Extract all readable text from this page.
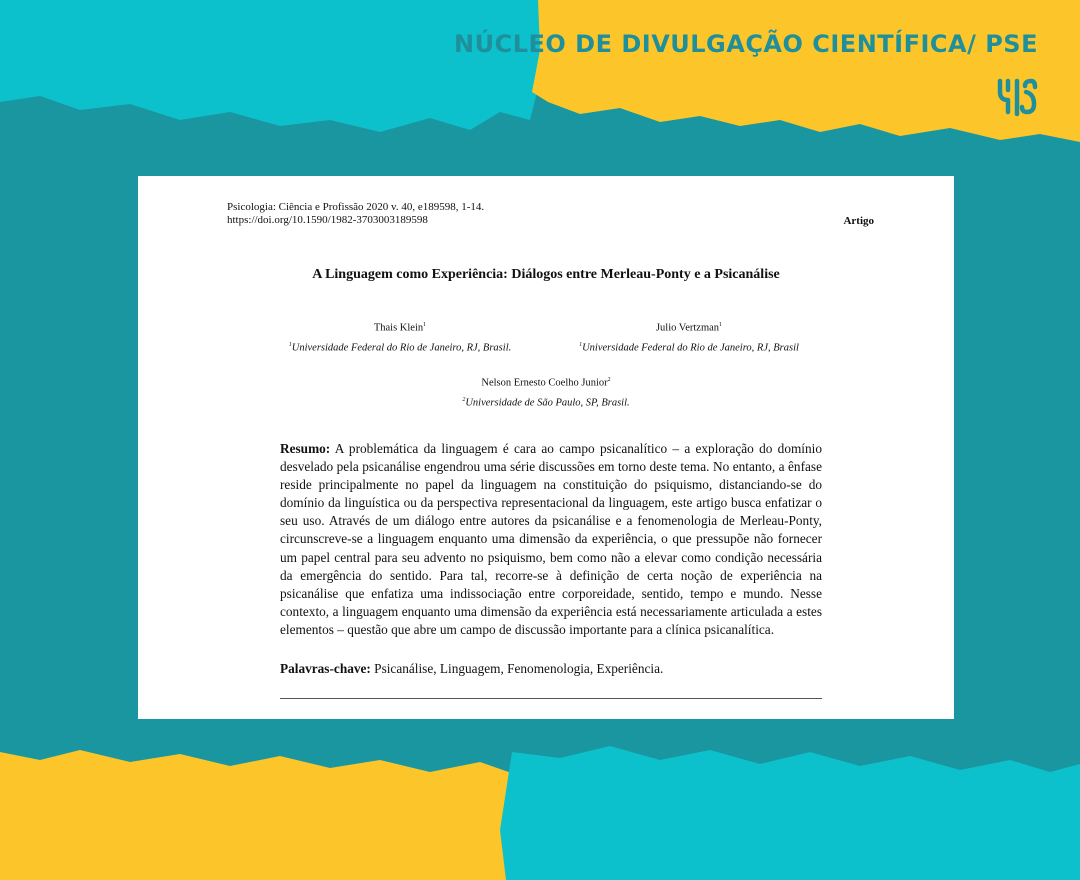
NÚCLEO DE DIVULGAÇÃO CIENTÍFICA/ PSE
Psicologia: Ciência e Profissão 2020 v. 40, e189598, 1-14.
https://doi.org/10.1590/1982-3703003189598	Artigo
A Linguagem como Experiência: Diálogos entre Merleau-Ponty e a Psicanálise
Thais Klein$^1$
$^1$Universidade Federal do Rio de Janeiro, RJ, Brasil.
Julio Vertzman$^1$
$^1$Universidade Federal do Rio de Janeiro, RJ, Brasil
Nelson Ernesto Coelho Junior$^2$
$^2$Universidade de São Paulo, SP, Brasil.
Resumo: A problemática da linguagem é cara ao campo psicanalítico – a exploração do domínio desvelado pela psicanálise engendrou uma série discussões em torno deste tema. No entanto, a ênfase reside principalmente no papel da linguagem na constituição do psiquismo, distanciando-se do domínio da linguística ou da perspectiva representacional da linguagem, este artigo busca enfatizar o seu uso. Através de um diálogo entre autores da psicanálise e a fenomenologia de Merleau-Ponty, circunscreve-se a linguagem enquanto uma dimensão da experiência, o que pressupõe não fornecer um papel central para seu advento no psiquismo, bem como não a elevar como condição necessária da emergência do sentido. Para tal, recorre-se à definição de certa noção de experiência na psicanálise que enfatiza uma indissociação entre corporeidade, sentido, tempo e mundo. Nesse contexto, a linguagem enquanto uma dimensão da experiência está necessariamente articulada a estes elementos – questão que abre um campo de discussão importante para a clínica psicanalítica.
Palavras-chave: Psicanálise, Linguagem, Fenomenologia, Experiência.
